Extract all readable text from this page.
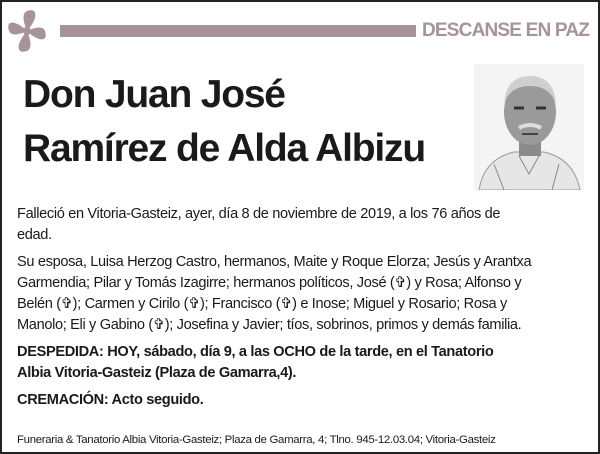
DESCANSE EN PAZ
Don Juan José
Ramírez de Alda Albizu
Falleció en Vitoria-Gasteiz, ayer, día 8 de noviembre de 2019, a los 76 años de
edad.
Su esposa, Luisa Herzog Castro, hermanos, Maite y Roque Elorza; Jesús y Arantxa
Garmendia; Pilar y Tomás Izagirre; hermanos políticos, José (✞) y Rosa; Alfonso y
Belén (✞); Carmen y Cirilo (✞); Francisco (✞) e Inose; Miguel y Rosario; Rosa y
Manolo; Eli y Gabino (✞); Josefina y Javier; tíos, sobrinos, primos y demás familia.
DESPEDIDA: HOY, sábado, día 9, a las OCHO de la tarde, en el Tanatorio
Albia Vitoria-Gasteiz (Plaza de Gamarra,4).
CREMACIÓN: Acto seguido.
Funeraria & Tanatorio Albia Vitoria-Gasteiz; Plaza de Gamarra, 4; Tlno. 945-12.03.04; Vitoria-Gasteiz
